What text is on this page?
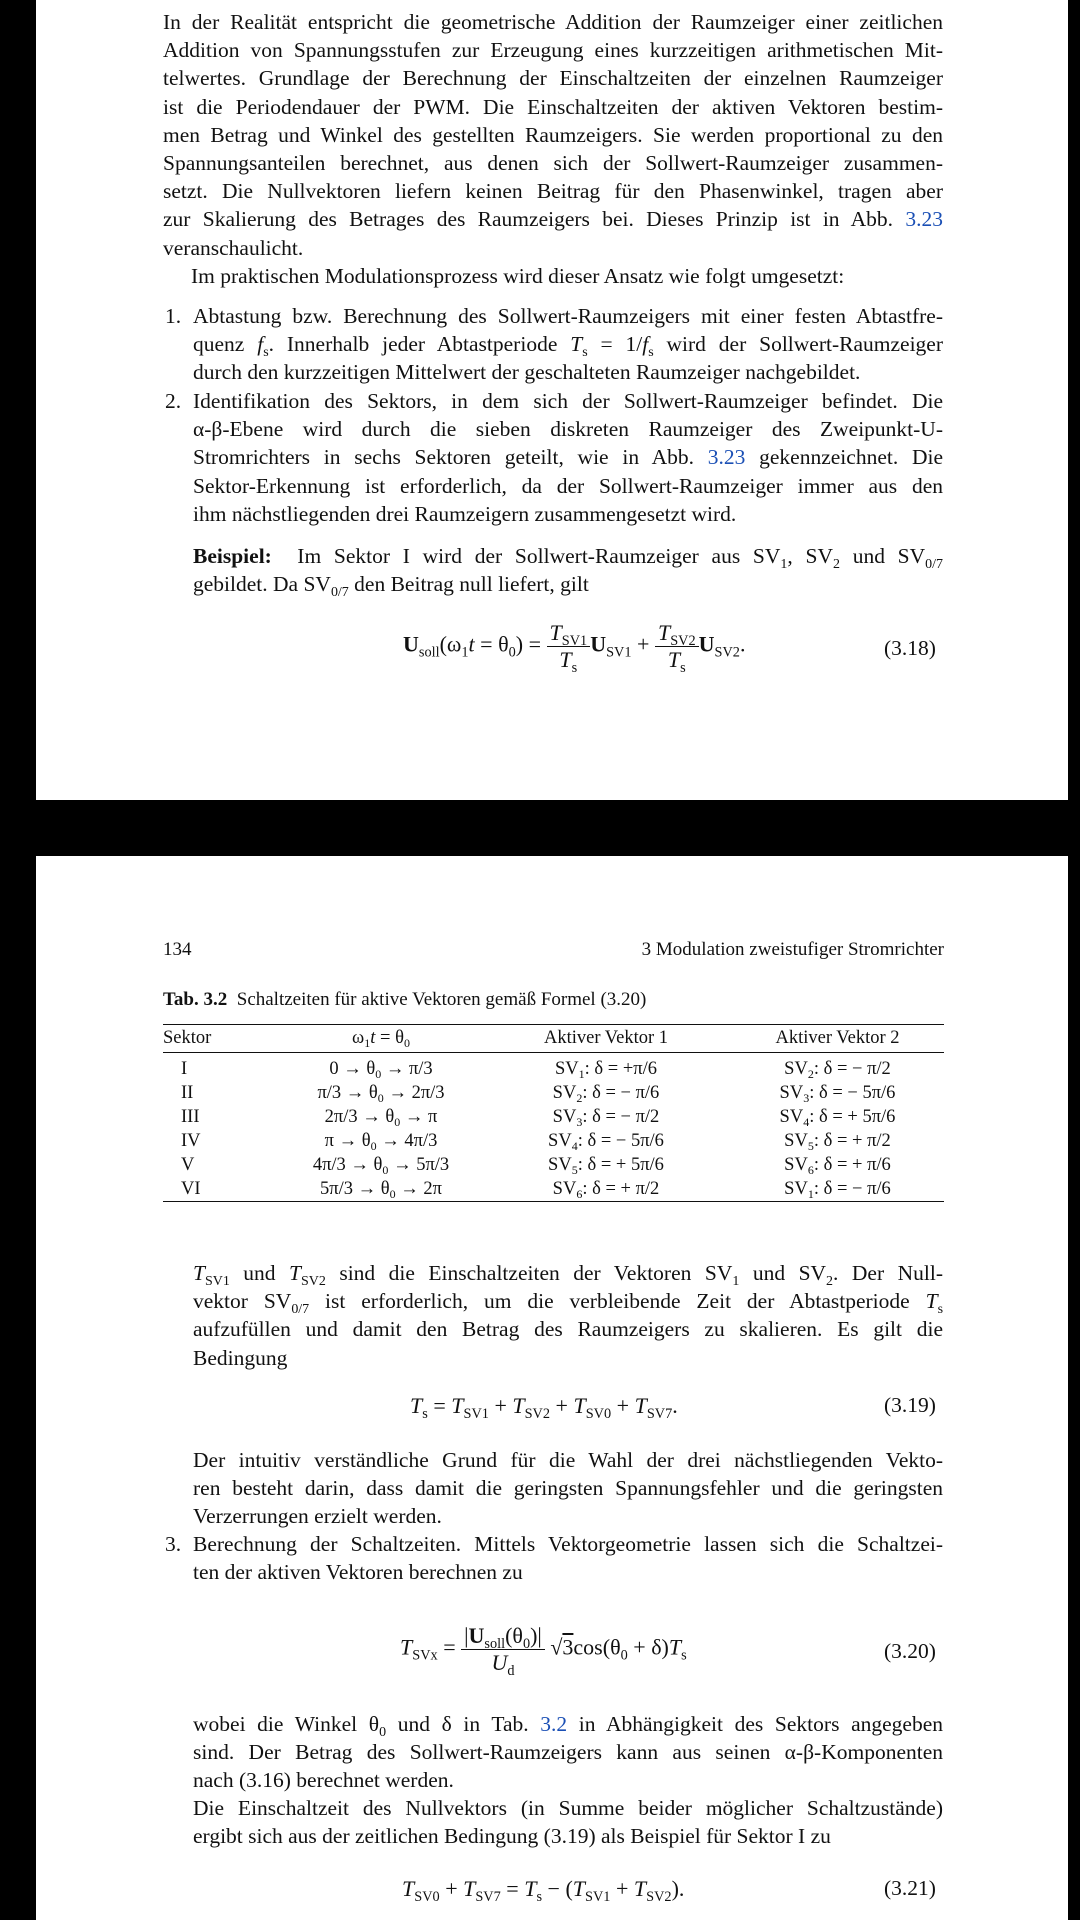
In der Realität entspricht die geometrische Addition der Raumzeiger einer zeitlichen
Addition von Spannungsstufen zur Erzeugung eines kurzzeitigen arithmetischen Mit-
telwertes. Grundlage der Berechnung der Einschaltzeiten der einzelnen Raumzeiger
ist die Periodendauer der PWM. Die Einschaltzeiten der aktiven Vektoren bestim-
men Betrag und Winkel des gestellten Raumzeigers. Sie werden proportional zu den
Spannungsanteilen berechnet, aus denen sich der Sollwert-Raumzeiger zusammen-
setzt. Die Nullvektoren liefern keinen Beitrag für den Phasenwinkel, tragen aber
zur Skalierung des Betrages des Raumzeigers bei. Dieses Prinzip ist in Abb. 3.23
veranschaulicht.
Im praktischen Modulationsprozess wird dieser Ansatz wie folgt umgesetzt:
1. Abtastung bzw. Berechnung des Sollwert-Raumzeigers mit einer festen Abtastfre-
quenz $f_s$. Innerhalb jeder Abtastperiode $T_s = 1/f_s$ wird der Sollwert-Raumzeiger
durch den kurzzeitigen Mittelwert der geschalteten Raumzeiger nachgebildet.
2. Identifikation des Sektors, in dem sich der Sollwert-Raumzeiger befindet. Die
α-β-Ebene wird durch die sieben diskreten Raumzeiger des Zweipunkt-U-
Stromrichters in sechs Sektoren geteilt, wie in Abb. 3.23 gekennzeichnet. Die
Sektor-Erkennung ist erforderlich, da der Sollwert-Raumzeiger immer aus den
ihm nächstliegenden drei Raumzeigern zusammengesetzt wird.
Beispiel:  Im Sektor I wird der Sollwert-Raumzeiger aus $SV_1$, $SV_2$ und $SV_{0/7}$
gebildet. Da $SV_{0/7}$ den Beitrag null liefert, gilt
$U_{soll}(\omega_1t = \theta_0) = \frac{T_{SV1}}{T_s} U_{SV1} + \frac{T_{SV2}}{T_s} U_{SV2}$.	(3.18)
134	3 Modulation zweistufiger Stromrichter
Tab. 3.2 Schaltzeiten für aktive Vektoren gemäß Formel (3.20)
Sektor	$\omega_1t = \theta_0$	Aktiver Vektor 1	Aktiver Vektor 2
I	$0 \to \theta_0 \to \pi/3$	$SV_1$: δ = +π/6	$SV_2$: δ = − π/2
II	$\pi/3 \to \theta_0 \to 2\pi/3$	$SV_2$: δ = − π/6	$SV_3$: δ = − 5π/6
III	$2\pi/3 \to \theta_0 \to \pi$	$SV_3$: δ = − π/2	$SV_4$: δ = + 5π/6
IV	$\pi \to \theta_0 \to 4\pi/3$	$SV_4$: δ = − 5π/6	$SV_5$: δ = + π/2
V	$4\pi/3 \to \theta_0 \to 5\pi/3$	$SV_5$: δ = + 5π/6	$SV_6$: δ = + π/6
VI	$5\pi/3 \to \theta_0 \to 2\pi$	$SV_6$: δ = + π/2	$SV_1$: δ = − π/6
$T_{SV1}$ und $T_{SV2}$ sind die Einschaltzeiten der Vektoren $SV_1$ und $SV_2$. Der Null-
vektor $SV_{0/7}$ ist erforderlich, um die verbleibende Zeit der Abtastperiode $T_s$
aufzufüllen und damit den Betrag des Raumzeigers zu skalieren. Es gilt die
Bedingung
$T_s = T_{SV1} + T_{SV2} + T_{SV0} + T_{SV7}$.	(3.19)
Der intuitiv verständliche Grund für die Wahl der drei nächstliegenden Vekto-
ren besteht darin, dass damit die geringsten Spannungsfehler und die geringsten
Verzerrungen erzielt werden.
3. Berechnung der Schaltzeiten. Mittels Vektorgeometrie lassen sich die Schaltzei-
ten der aktiven Vektoren berechnen zu
$T_{SVx} = \frac{|U_{soll}(\theta_0)|}{U_d} √3\cos(\theta_0 + \delta)T_s$	(3.20)
wobei die Winkel $\theta_0$ und δ in Tab. 3.2 in Abhängigkeit des Sektors angegeben
sind. Der Betrag des Sollwert-Raumzeigers kann aus seinen α-β-Komponenten
nach (3.16) berechnet werden.
Die Einschaltzeit des Nullvektors (in Summe beider möglicher Schaltzustände)
ergibt sich aus der zeitlichen Bedingung (3.19) als Beispiel für Sektor I zu
$T_{SV0} + T_{SV7} = T_s - (T_{SV1} + T_{SV2})$.	(3.21)
